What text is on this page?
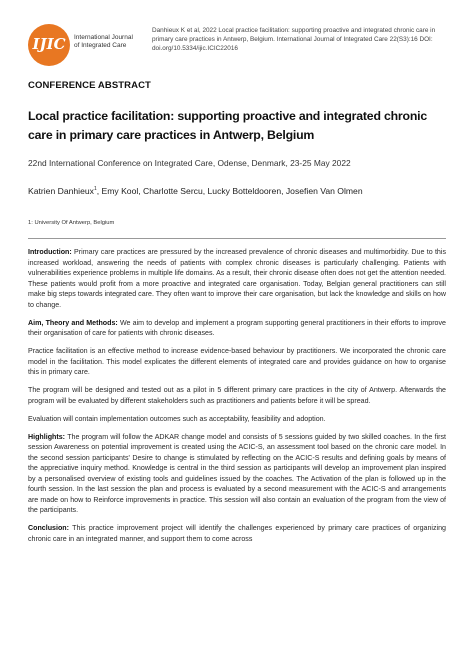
IJIC	International Journal
of Integrated Care
Danhieux K et al, 2022 Local practice facilitation: supporting proactive and integrated chronic care in primary care practices in Antwerp, Belgium. International Journal of Integrated Care 22(S3):16 DOI: doi.org/10.5334/ijic.ICIC22016
CONFERENCE ABSTRACT
Local practice facilitation: supporting proactive and integrated chronic care in primary care practices in Antwerp, Belgium
22nd International Conference on Integrated Care, Odense, Denmark, 23-25 May 2022
Katrien Danhieux$^1$, Emy Kool, Charlotte Sercu, Lucky Botteldooren, Josefien Van Olmen
1: University Of Antwerp, Belgium

Introduction: Primary care practices are pressured by the increased prevalence of chronic diseases and multimorbidity. Due to this increased workload, answering the needs of patients with complex chronic diseases is particularly challenging. Patients with vulnerabilities experience problems in multiple life domains. As a result, their chronic disease often does not get the attention needed. These patients would profit from a more proactive and integrated care organisation. Today, Belgian general practitioners can still make big steps towards integrated care. They often want to improve their care organisation, but lack the knowledge and skills on how to change.

Aim, Theory and Methods: We aim to develop and implement a program supporting general practitioners in their efforts to improve their organisation of care for patients with chronic diseases.

Practice facilitation is an effective method to increase evidence-based behaviour by practitioners. We incorporated the chronic care model in the facilitation. This model explicates the different elements of integrated care and provides guidance on how to organise this in primary care.

The program will be designed and tested out as a pilot in 5 different primary care practices in the city of Antwerp. Afterwards the program will be evaluated by different stakeholders such as practitioners and patients before it will be spread.

Evaluation will contain implementation outcomes such as acceptability, feasibility and adoption.

Highlights: The program will follow the ADKAR change model and consists of 5 sessions guided by two skilled coaches. In the first session Awareness on potential improvement is created using the ACIC-S, an assessment tool based on the chronic care model. In the second session participants' Desire to change is stimulated by reflecting on the ACIC-S results and defining goals by means of the appreciative inquiry method. Knowledge is central in the third session as participants will develop an improvement plan inspired by a personalised overview of existing tools and guidelines issued by the coaches. The Activation of the plan is followed up in the fourth session. In the last session the plan and process is evaluated by a second measurement with the ACIC-S and arrangements are made on how to Reinforce improvements in practice. This session will also contain an evaluation of the program from the view of the participants.

Conclusion: This practice improvement project will identify the challenges experienced by primary care practices of organizing chronic care in an integrated manner, and support them to come across
